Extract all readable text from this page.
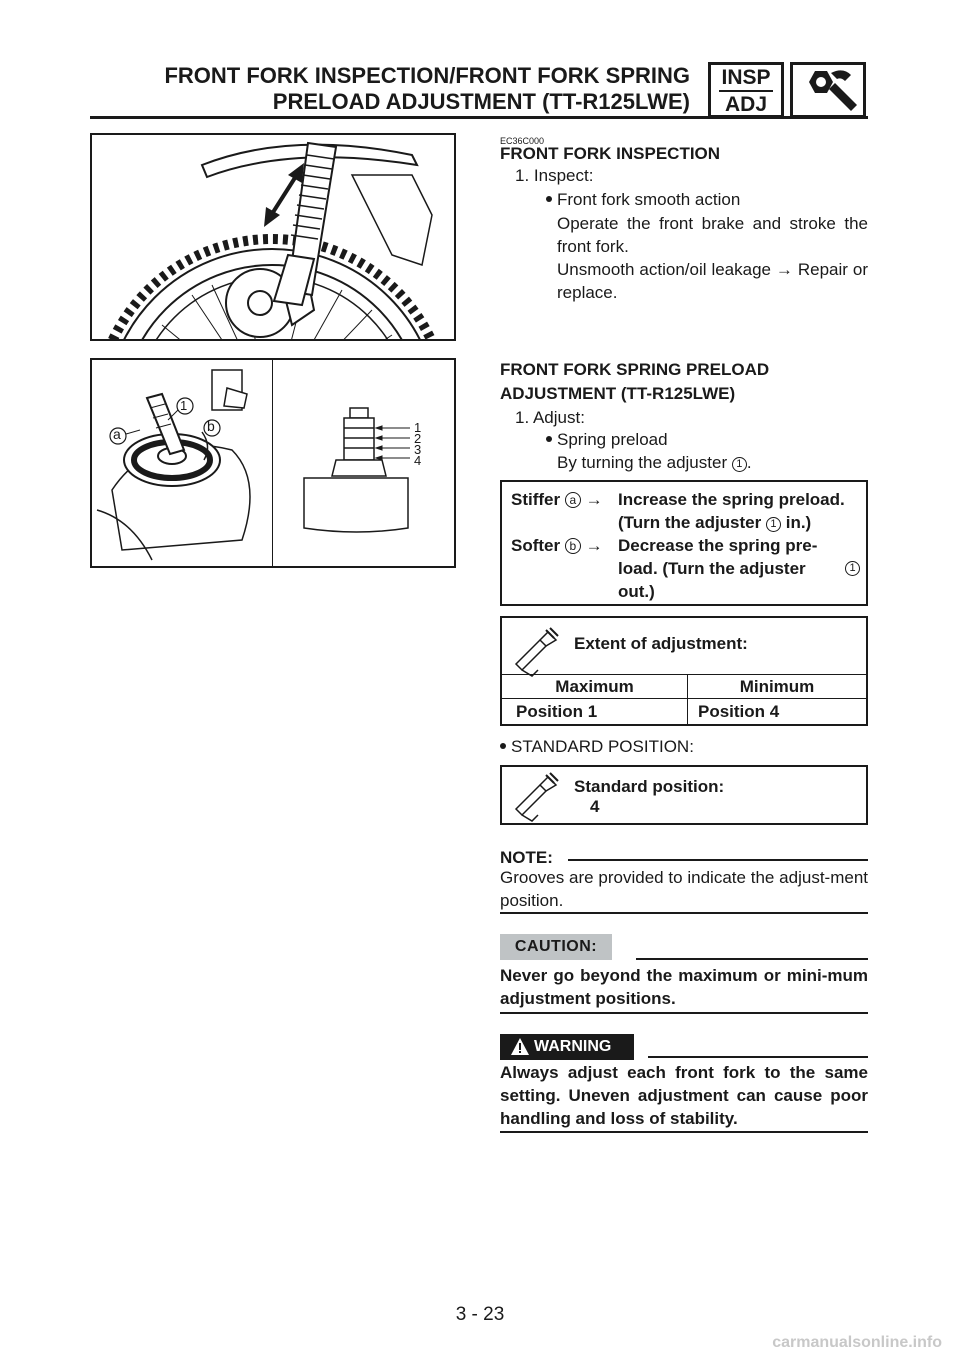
FRONT FORK INSPECTION/FRONT FORK SPRING
PRELOAD ADJUSTMENT (TT-R125LWE)
INSP
ADJ
1
a	b	1
2
3
4
EC36C000
FRONT FORK INSPECTION
1. Inspect:
Front fork smooth action
Operate the front brake and stroke the front fork.
Unsmooth action/oil leakage → Repair or replace.
FRONT FORK SPRING PRELOAD
ADJUSTMENT (TT-R125LWE)
1. Adjust:
Spring preload
By turning the adjuster 1 .
Stiffer a → Increase the spring preload.
(Turn the adjuster 1 in.)
Softer b → Decrease the spring pre-
load. (Turn the adjuster	1
out.)
Extent of adjustment:
Maximum	Minimum
Position 1	Position 4
STANDARD POSITION:
Standard position:
4
NOTE:
Grooves are provided to indicate the adjust-ment position.
CAUTION:
Never go beyond the maximum or mini-mum adjustment positions.
WARNING
Always adjust each front fork to the same setting. Uneven adjustment can cause poor handling and loss of stability.
3 - 23
carmanualsonline.info
